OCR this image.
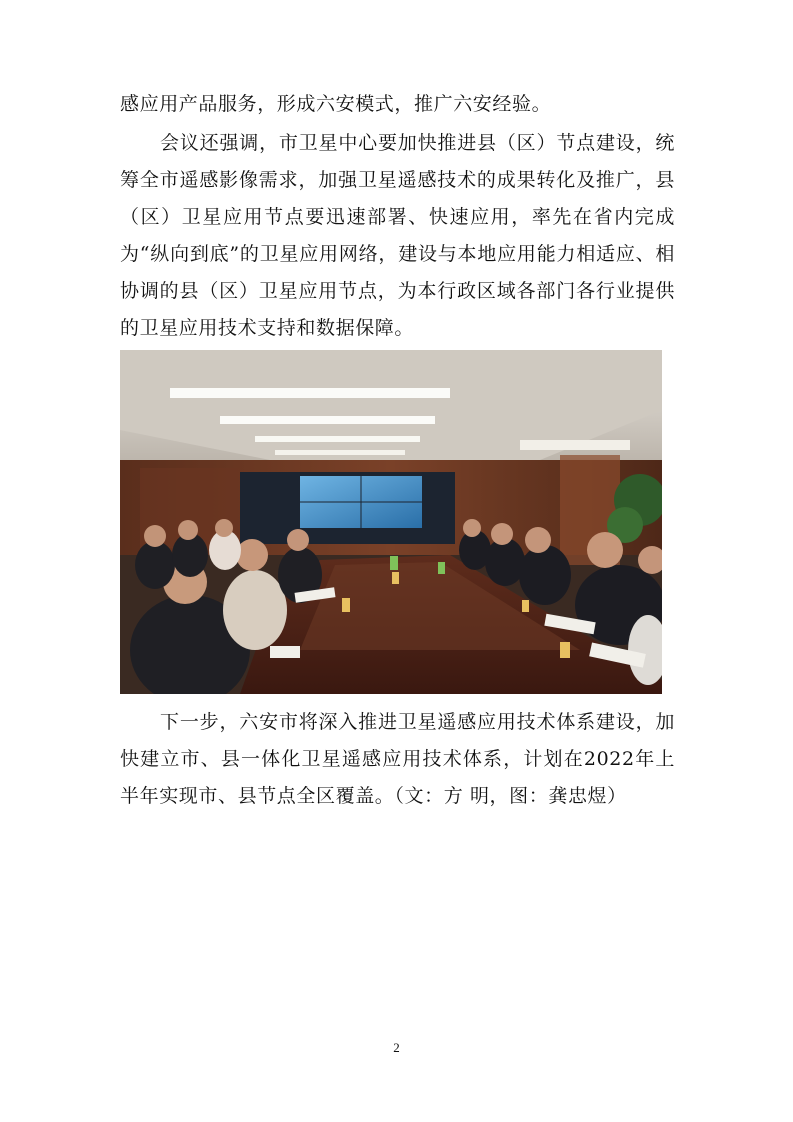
感应用产品服务，形成六安模式，推广六安经验。

会议还强调，市卫星中心要加快推进县（区）节点建设，统筹全市遥感影像需求，加强卫星遥感技术的成果转化及推广，县（区）卫星应用节点要迅速部署、快速应用，率先在省内完成为“纵向到底”的卫星应用网络，建设与本地应用能力相适应、相协调的县（区）卫星应用节点，为本行政区域各部门各行业提供的卫星应用技术支持和数据保障。

下一步，六安市将深入推进卫星遥感应用技术体系建设，加快建立市、县一体化卫星遥感应用技术体系，计划在2022年上半年实现市、县节点全区覆盖。（文：方 明，图：龚忠煜）

2
